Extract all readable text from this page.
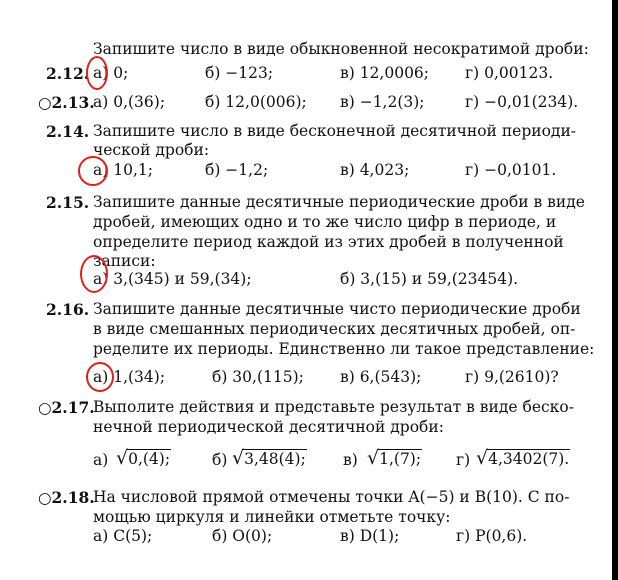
Запишите число в виде обыкновенной несократимой дроби:
2.12. а) 0;	б) −123;	в) 12,0006; г) 0,00123.
○2.13.
а) 0,(36);	б) 12,0(006); в) −1,2(3);	г) −0,01(234).
2.14. Запишите число в виде бесконечной десятичной периоди-
ческой дроби:
а) 10,1;	б) −1,2;	в) 4,023;	г) −0,0101.
2.15. Запишите данные десятичные периодические дроби в виде
дробей, имеющих одно и то же число цифр в периоде, и
определите период каждой из этих дробей в полученной
записи:
а) 3,(345) и 59,(34);	б) 3,(15) и 59,(23454).
2.16. Запишите данные десятичные чисто периодические дроби
в виде смешанных периодических десятичных дробей, оп-
ределите их периоды. Единственно ли такое представление:
а) 1,(34);	б) 30,(115); в) 6,(543);	г) 9,(2610)?
○2.17.
Выполите действия и представьте результат в виде беско-
нечной периодической десятичной дроби:
а) √0,(4);	б) √3,48(4); в) √1,(7); г) √4,3402(7).
○2.18.
На числовой прямой отмечены точки A(−5) и B(10). С по-
мощью циркуля и линейки отметьте точку:
а) C(5);	б) O(0);	в) D(1);	г) P(0,6).
